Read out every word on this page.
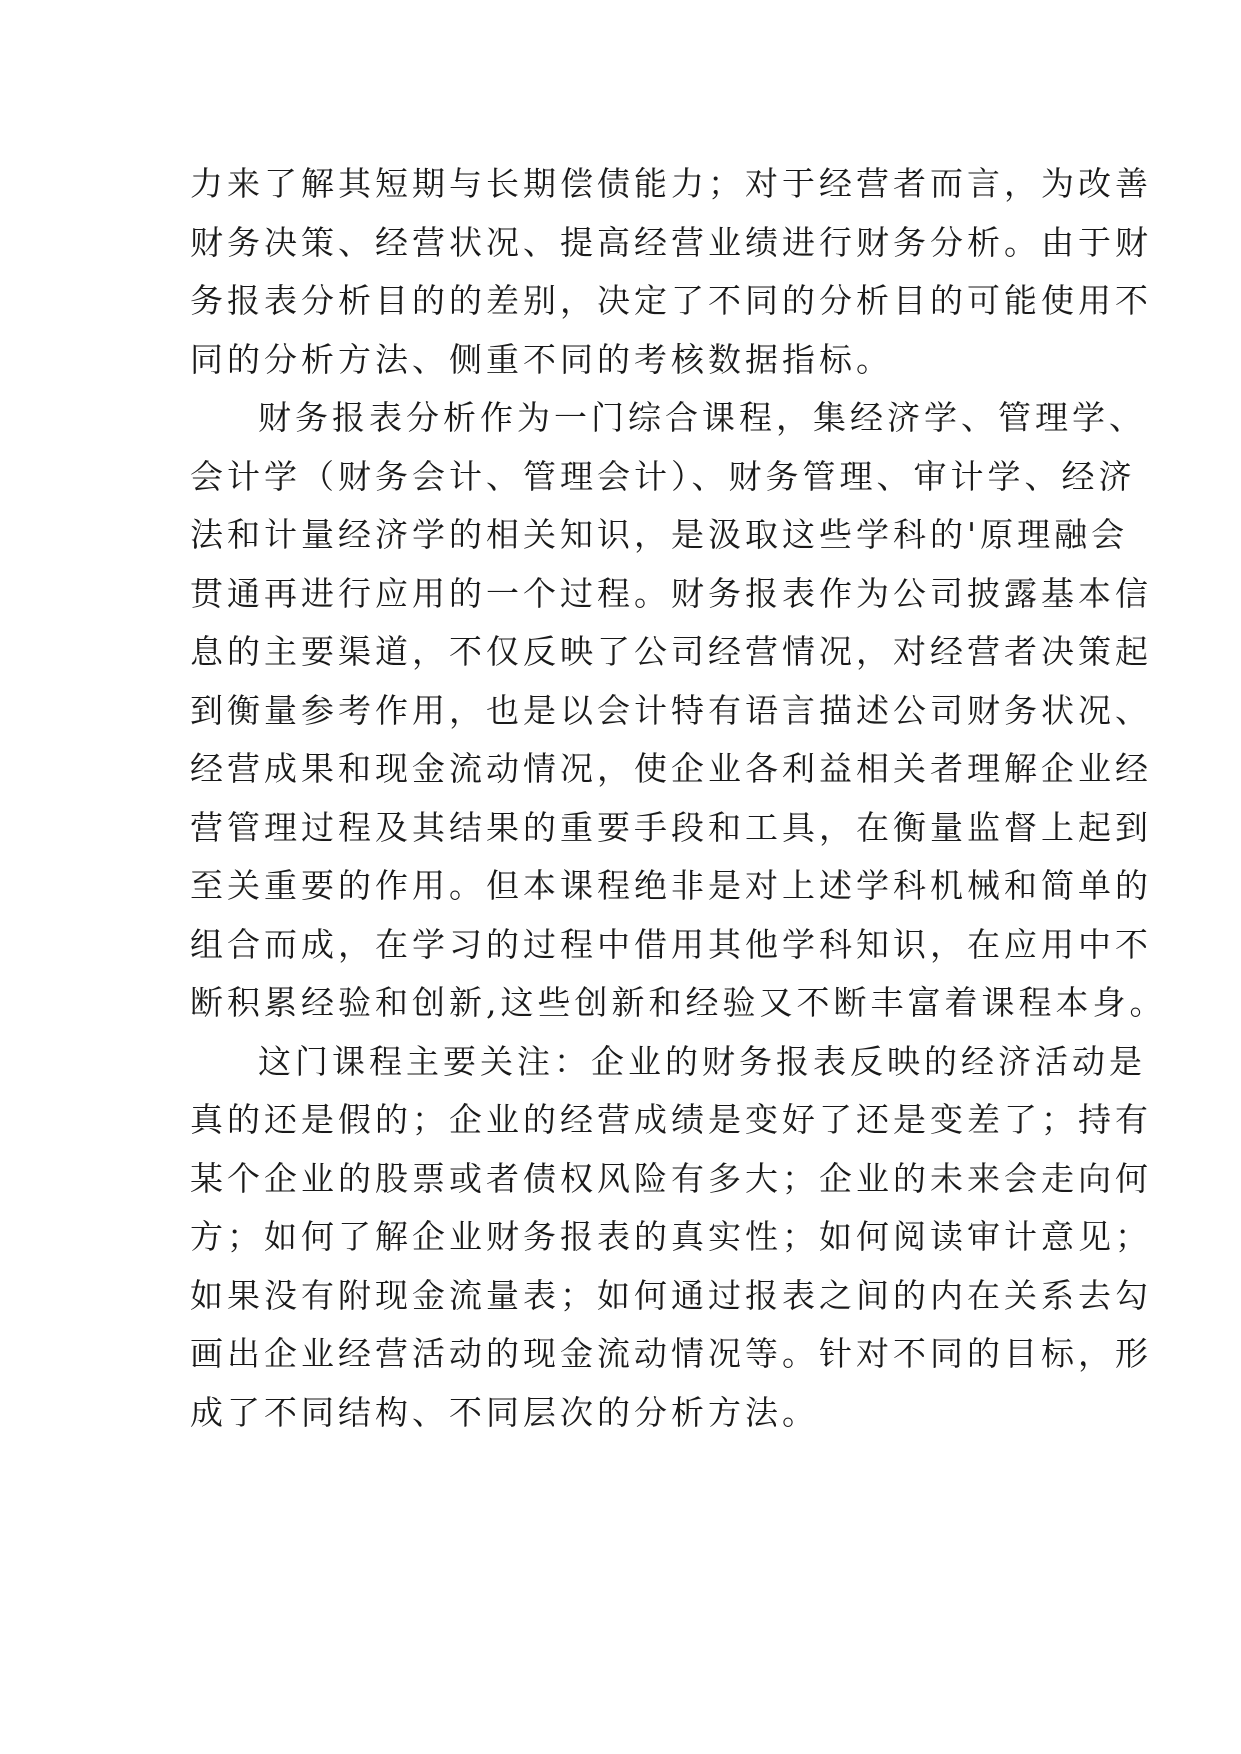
力来了解其短期与长期偿债能力；对于经营者而言，为改善
财务决策、经营状况、提高经营业绩进行财务分析。由于财
务报表分析目的的差别，决定了不同的分析目的可能使用不
同的分析方法、侧重不同的考核数据指标。
财务报表分析作为一门综合课程，集经济学、管理学、
会计学（财务会计、管理会计）、财务管理、审计学、经济
法和计量经济学的相关知识，是汲取这些学科的'原理融会
贯通再进行应用的一个过程。财务报表作为公司披露基本信
息的主要渠道，不仅反映了公司经营情况，对经营者决策起
到衡量参考作用，也是以会计特有语言描述公司财务状况、
经营成果和现金流动情况，使企业各利益相关者理解企业经
营管理过程及其结果的重要手段和工具，在衡量监督上起到
至关重要的作用。但本课程绝非是对上述学科机械和简单的
组合而成，在学习的过程中借用其他学科知识，在应用中不
断积累经验和创新,这些创新和经验又不断丰富着课程本身。
这门课程主要关注：企业的财务报表反映的经济活动是
真的还是假的；企业的经营成绩是变好了还是变差了；持有
某个企业的股票或者债权风险有多大；企业的未来会走向何
方；如何了解企业财务报表的真实性；如何阅读审计意见；
如果没有附现金流量表；如何通过报表之间的内在关系去勾
画出企业经营活动的现金流动情况等。针对不同的目标，形
成了不同结构、不同层次的分析方法。
